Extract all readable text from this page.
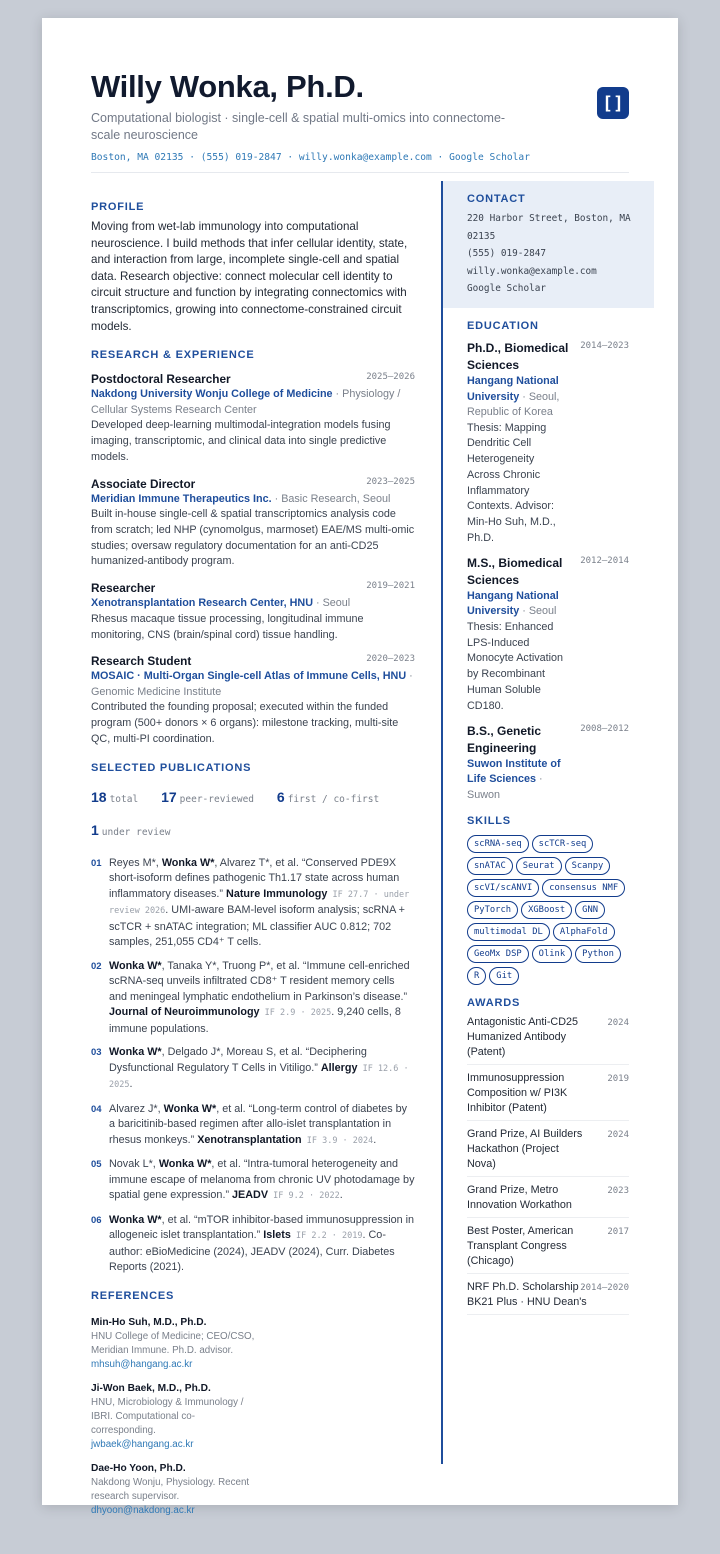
Willy Wonka, Ph.D.
Computational biologist · single-cell & spatial multi-omics into connectome-scale neuroscience
Boston, MA 02135 · (555) 019-2847 · willy.wonka@example.com · Google Scholar
[]
PROFILE
Moving from wet-lab immunology into computational neuroscience. I build methods that infer cellular identity, state, and interaction from large, incomplete single-cell and spatial data. Research objective: connect molecular cell identity to circuit structure and function by integrating connectomics with transcriptomics, growing into connectome-constrained circuit models.
RESEARCH & EXPERIENCE
Postdoctoral Researcher	2025–2026
Nakdong University Wonju College of Medicine · Physiology / Cellular Systems Research Center
Developed deep-learning multimodal-integration models fusing imaging, transcriptomic, and clinical data into single predictive models.
Associate Director	2023–2025
Meridian Immune Therapeutics Inc. · Basic Research, Seoul
Built in-house single-cell & spatial transcriptomics analysis code from scratch; led NHP (cynomolgus, marmoset) EAE/MS multi-omic studies; oversaw regulatory documentation for an anti-CD25 humanized-antibody program.
Researcher	2019–2021
Xenotransplantation Research Center, HNU · Seoul
Rhesus macaque tissue processing, longitudinal immune monitoring, CNS (brain/spinal cord) tissue handling.
Research Student	2020–2023
MOSAIC · Multi-Organ Single-cell Atlas of Immune Cells, HNU · Genomic Medicine Institute
Contributed the founding proposal; executed within the funded program (500+ donors × 6 organs): milestone tracking, multi-site QC, multi-PI coordination.
SELECTED PUBLICATIONS
18 total 17 peer-reviewed 6 first / co-first
1 under review
01 Reyes M*, Wonka W*, Alvarez T*, et al. “Conserved PDE9X short-isoform defines pathogenic Th1.17 state across human inflammatory diseases.” Nature Immunology IF 27.7 · under review 2026. UMI-aware BAM-level isoform analysis; scRNA + scTCR + snATAC integration; ML classifier AUC 0.812; 702 samples, 251,055 CD4⁺ T cells.
02 Wonka W*, Tanaka Y*, Truong P*, et al. “Immune cell-enriched scRNA-seq unveils infiltrated CD8⁺ T resident memory cells and meningeal lymphatic endothelium in Parkinson’s disease.” Journal of Neuroimmunology IF 2.9 · 2025. 9,240 cells, 8 immune populations.
03 Wonka W*, Delgado J*, Moreau S, et al. “Deciphering Dysfunctional Regulatory T Cells in Vitiligo.” Allergy IF 12.6 · 2025.
04 Alvarez J*, Wonka W*, et al. “Long-term control of diabetes by a baricitinib-based regimen after allo-islet transplantation in rhesus monkeys.” Xenotransplantation IF 3.9 · 2024.
05 Novak L*, Wonka W*, et al. “Intra-tumoral heterogeneity and immune escape of melanoma from chronic UV photodamage by spatial gene expression.” JEADV IF 9.2 · 2022.
06 Wonka W*, et al. “mTOR inhibitor-based immunosuppression in allogeneic islet transplantation.” Islets IF 2.2 · 2019. Co-author: eBioMedicine (2024), JEADV (2024), Curr. Diabetes Reports (2021).
REFERENCES
Min-Ho Suh, M.D., Ph.D.
HNU College of Medicine; CEO/CSO, Meridian Immune. Ph.D. advisor.
mhsuh@hangang.ac.kr
Ji-Won Baek, M.D., Ph.D.
HNU, Microbiology & Immunology / IBRI. Computational co-corresponding.
jwbaek@hangang.ac.kr
Dae-Ho Yoon, Ph.D.
Nakdong Wonju, Physiology. Recent research supervisor.
dhyoon@nakdong.ac.kr
CONTACT
220 Harbor Street, Boston, MA 02135
(555) 019-2847
willy.wonka@example.com
Google Scholar
EDUCATION
Ph.D., Biomedical Sciences
2014–2023
Hangang National University · Seoul, Republic of Korea
Thesis: Mapping Dendritic Cell Heterogeneity Across Chronic Inflammatory Contexts. Advisor: Min-Ho Suh, M.D., Ph.D.
M.S., Biomedical Sciences
2012–2014
Hangang National University · Seoul
Thesis: Enhanced LPS-Induced Monocyte Activation by Recombinant Human Soluble CD180.
B.S., Genetic Engineering
2008–2012
Suwon Institute of Life Sciences · Suwon
SKILLS
scRNA-seq	scTCR-seq
snATAC	Seurat	Scanpy
scVI/scANVI	consensus NMF
PyTorch	XGBoost	GNN
multimodal DL	AlphaFold
GeoMx DSP	Olink	Python
R	Git
AWARDS
Antagonistic Anti-CD25 Humanized Antibody (Patent)
2024
Immunosuppression Composition w/ PI3K Inhibitor (Patent)
2019
Grand Prize, AI Builders Hackathon (Project Nova)
2024
Grand Prize, Metro Innovation Workathon
2023
Best Poster, American Transplant Congress (Chicago)
2017
NRF Ph.D. Scholarship · BK21 Plus · HNU Dean's
2014–2020
